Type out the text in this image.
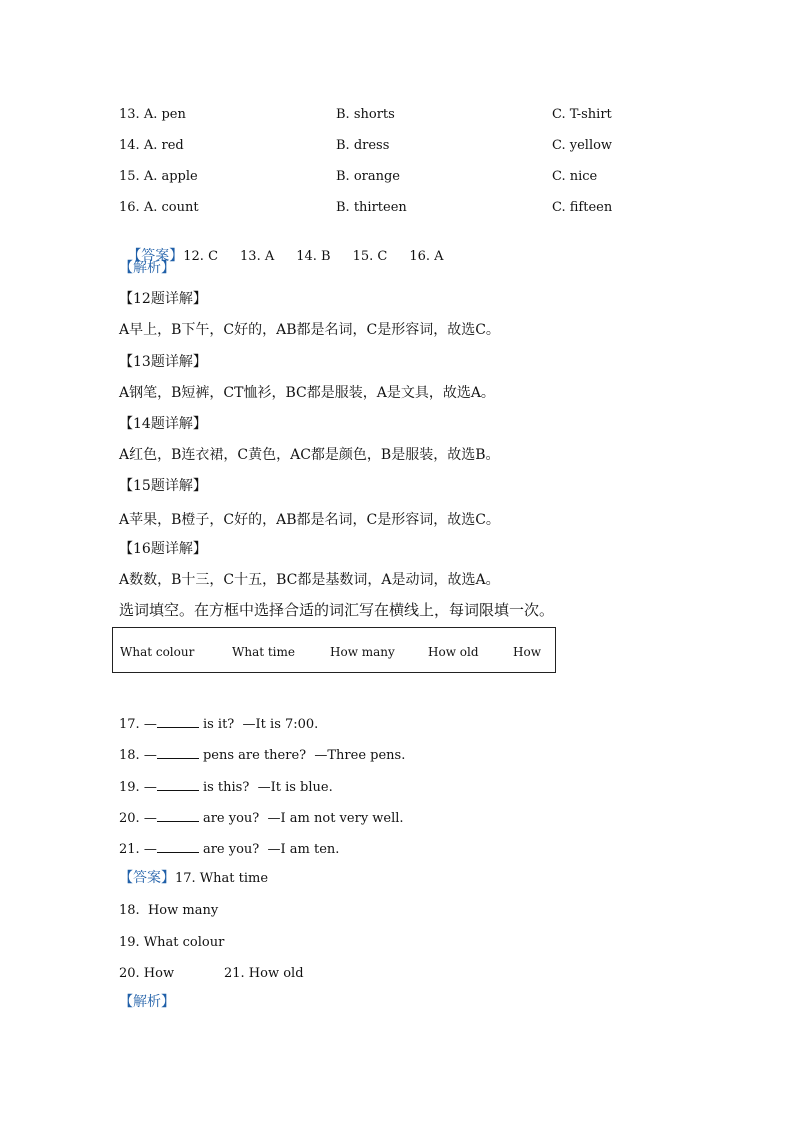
13. A. pen	B. shorts	C. T-shirt
14. A. red	B. dress	C. yellow
15. A. apple	B. orange	C. nice
16. A. count	B. thirteen	C. fifteen

【答案】12. C 13. A 14. B 15. C 16. A

【解析】
【12题详解】
A早上，B下午，C好的，AB都是名词，C是形容词，故选C。
【13题详解】
A钢笔，B短裤，CT恤衫，BC都是服装，A是文具，故选A。
【14题详解】
A红色，B连衣裙，C黄色，AC都是颜色，B是服装，故选B。
【15题详解】
A苹果，B橙子，C好的，AB都是名词，C是形容词，故选C。
【16题详解】
A数数，B十三，C十五，BC都是基数词，A是动词，故选A。
选词填空。在方框中选择合适的词汇写在横线上，每词限填一次。
What colour	What time	How many	How old	How
17. —	is it?  —It is 7:00.
18. —	pens are there?  —Three pens.
19. —	is this?  —It is blue.
20. —	are you?  —I am not very well.
21. —	are you?  —I am ten.
【答案】17. What time
18.  How many
19. What colour
20. How	21. How old
【解析】
